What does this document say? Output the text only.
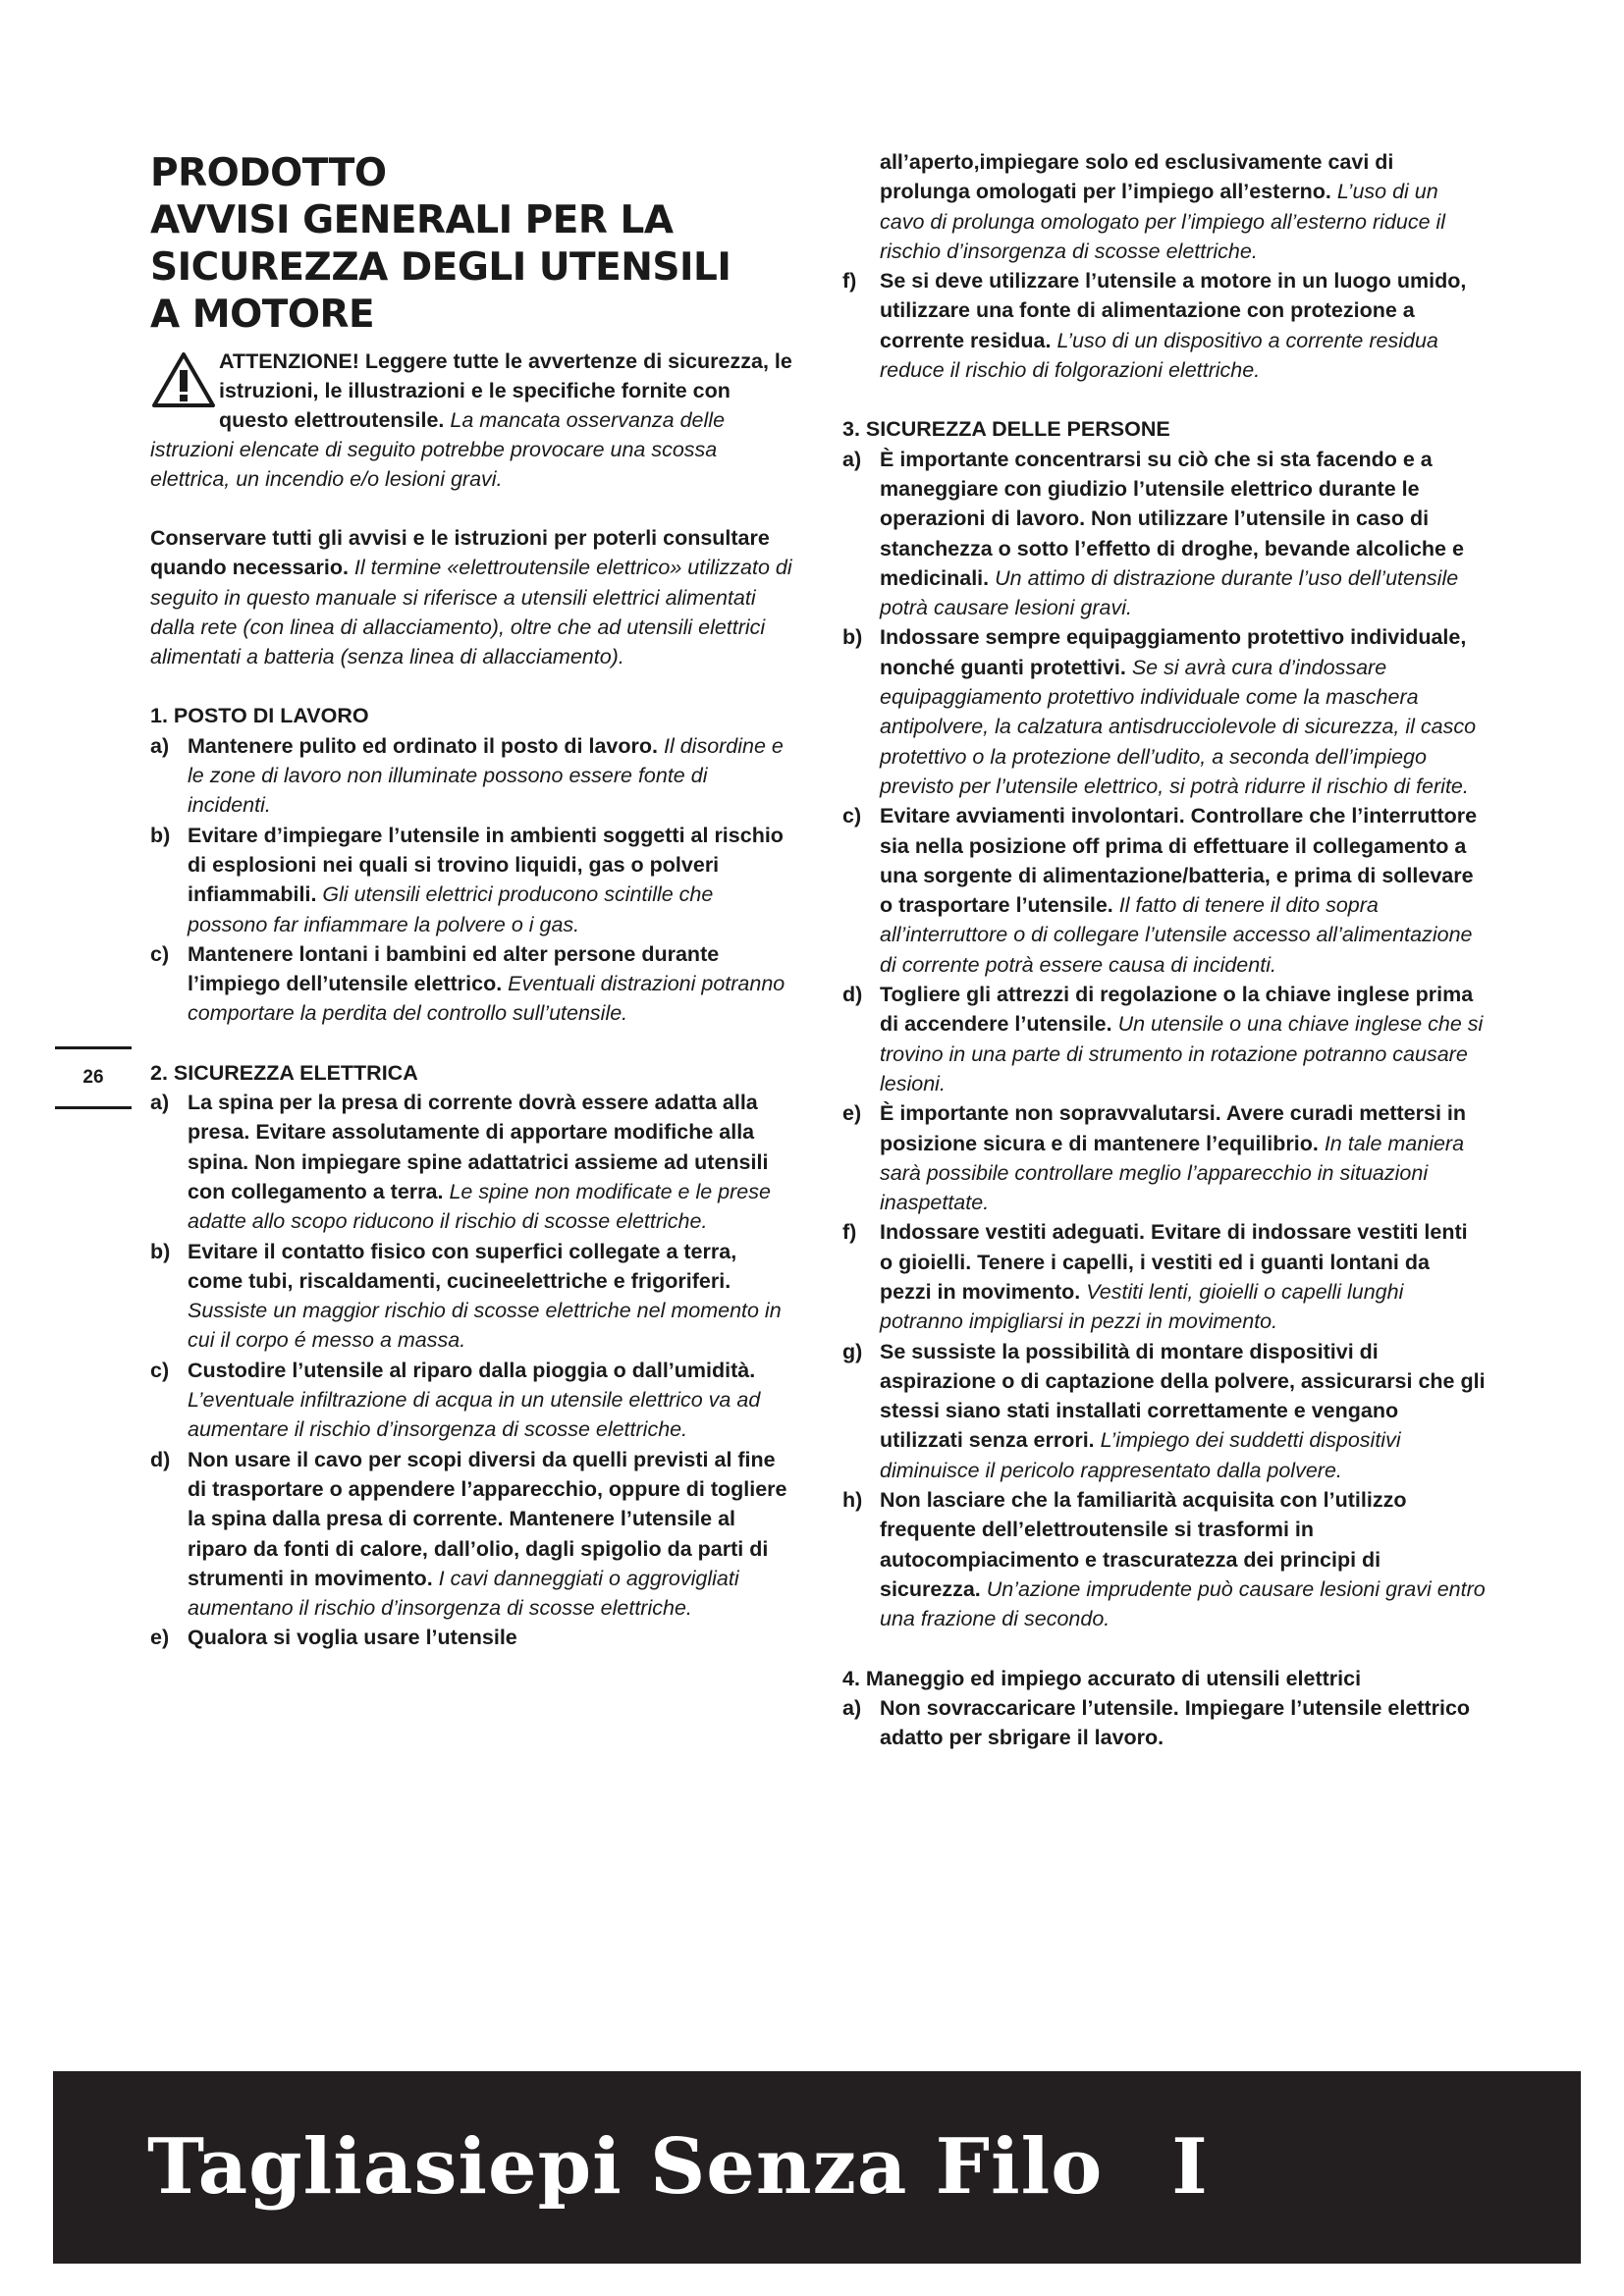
PRODOTTO
AVVISI GENERALI PER LA
SICUREZZA DEGLI UTENSILI
A MOTORE
ATTENZIONE! Leggere tutte le avvertenze di sicurezza, le istruzioni, le illustrazioni e le specifiche fornite con questo elettroutensile. La mancata osservanza delle istruzioni elencate di seguito potrebbe provocare una scossa elettrica, un incendio e/o lesioni gravi.

Conservare tutti gli avvisi e le istruzioni per poterli consultare quando necessario. Il termine «elettroutensile elettrico» utilizzato di seguito in questo manuale si riferisce a utensili elettrici alimentati dalla rete (con linea di allacciamento), oltre che ad utensili elettrici alimentati a batteria (senza linea di allacciamento).

1. POSTO DI LAVORO
a) Mantenere pulito ed ordinato il posto di lavoro. Il disordine e le zone di lavoro non illuminate possono essere fonte di incidenti.
b) Evitare d’impiegare l’utensile in ambienti soggetti al rischio di esplosioni nei quali si trovino liquidi, gas o polveri infiammabili. Gli utensili elettrici producono scintille che possono far infiammare la polvere o i gas.
c) Mantenere lontani i bambini ed alter persone durante l’impiego dell’utensile elettrico. Eventuali distrazioni potranno comportare la perdita del controllo sull’utensile.
2. SICUREZZA ELETTRICA
a) La spina per la presa di corrente dovrà essere adatta alla presa. Evitare assolutamente di apportare modifiche alla spina. Non impiegare spine adattatrici assieme ad utensili con collegamento a terra. Le spine non modificate e le prese adatte allo scopo riducono il rischio di scosse elettriche.
b) Evitare il contatto fisico con superfici collegate a terra, come tubi, riscaldamenti, cucineelettriche e frigoriferi. Sussiste un maggior rischio di scosse elettriche nel momento in cui il corpo é messo a massa.
c) Custodire l’utensile al riparo dalla pioggia o dall’umidità. L’eventuale infiltrazione di acqua in un utensile elettrico va ad aumentare il rischio d’insorgenza di scosse elettriche.
d) Non usare il cavo per scopi diversi da quelli previsti al fine di trasportare o appendere l’apparecchio, oppure di togliere la spina dalla presa di corrente. Mantenere l’utensile al riparo da fonti di calore, dall’olio, dagli spigolio da parti di strumenti in movimento. I cavi danneggiati o aggrovigliati aumentano il rischio d’insorgenza di scosse elettriche.
e) Qualora si voglia usare l’utensile
all’aperto,impiegare solo ed esclusivamente cavi di prolunga omologati per l’impiego all’esterno. L’uso di un cavo di prolunga omologato per l’impiego all’esterno riduce il rischio d’insorgenza di scosse elettriche.
f)	Se si deve utilizzare l’utensile a motore in un luogo umido, utilizzare una fonte di alimentazione con protezione a corrente residua. L’uso di un dispositivo a corrente residua reduce il rischio di folgorazioni elettriche.
3. SICUREZZA DELLE PERSONE
a) È importante concentrarsi su ciò che si sta facendo e a maneggiare con giudizio l’utensile elettrico durante le operazioni di lavoro. Non utilizzare l’utensile in caso di stanchezza o sotto l’effetto di droghe, bevande alcoliche e medicinali. Un attimo di distrazione durante l’uso dell’utensile potrà causare lesioni gravi.
b) Indossare sempre equipaggiamento protettivo individuale, nonché guanti protettivi. Se si avrà cura d’indossare equipaggiamento protettivo individuale come la maschera antipolvere, la calzatura antisdrucciolevole di sicurezza, il casco protettivo o la protezione dell’udito, a seconda dell’impiego previsto per l’utensile elettrico, si potrà ridurre il rischio di ferite.
c) Evitare avviamenti involontari. Controllare che l’interruttore sia nella posizione off prima di effettuare il collegamento a una sorgente di alimentazione/batteria, e prima di sollevare o trasportare l’utensile. Il fatto di tenere il dito sopra all’interruttore o di collegare l’utensile accesso all’alimentazione di corrente potrà essere causa di incidenti.
d) Togliere gli attrezzi di regolazione o la chiave inglese prima di accendere l’utensile. Un utensile o una chiave inglese che si trovino in una parte di strumento in rotazione potranno causare lesioni.
e) È importante non sopravvalutarsi. Avere curadi mettersi in posizione sicura e di mantenere l’equilibrio. In tale maniera sarà possibile controllare meglio l’apparecchio in situazioni inaspettate.
f)	Indossare vestiti adeguati. Evitare di indossare vestiti lenti o gioielli. Tenere i capelli, i vestiti ed i guanti lontani da pezzi in movimento. Vestiti lenti, gioielli o capelli lunghi potranno impigliarsi in pezzi in movimento.
g) Se sussiste la possibilità di montare dispositivi di aspirazione o di captazione della polvere, assicurarsi che gli stessi siano stati installati correttamente e vengano utilizzati senza errori. L’impiego dei suddetti dispositivi diminuisce il pericolo rappresentato dalla polvere.
h) Non lasciare che la familiarità acquisita con l’utilizzo frequente dell’elettroutensile si trasformi in autocompiacimento e trascuratezza dei principi di sicurezza. Un’azione imprudente può causare lesioni gravi entro una frazione di secondo.
4. Maneggio ed impiego accurato di utensili elettrici
a) Non sovraccaricare l’utensile. Impiegare l’utensile elettrico adatto per sbrigare il lavoro.
26
Tagliasiepi Senza Filo I
